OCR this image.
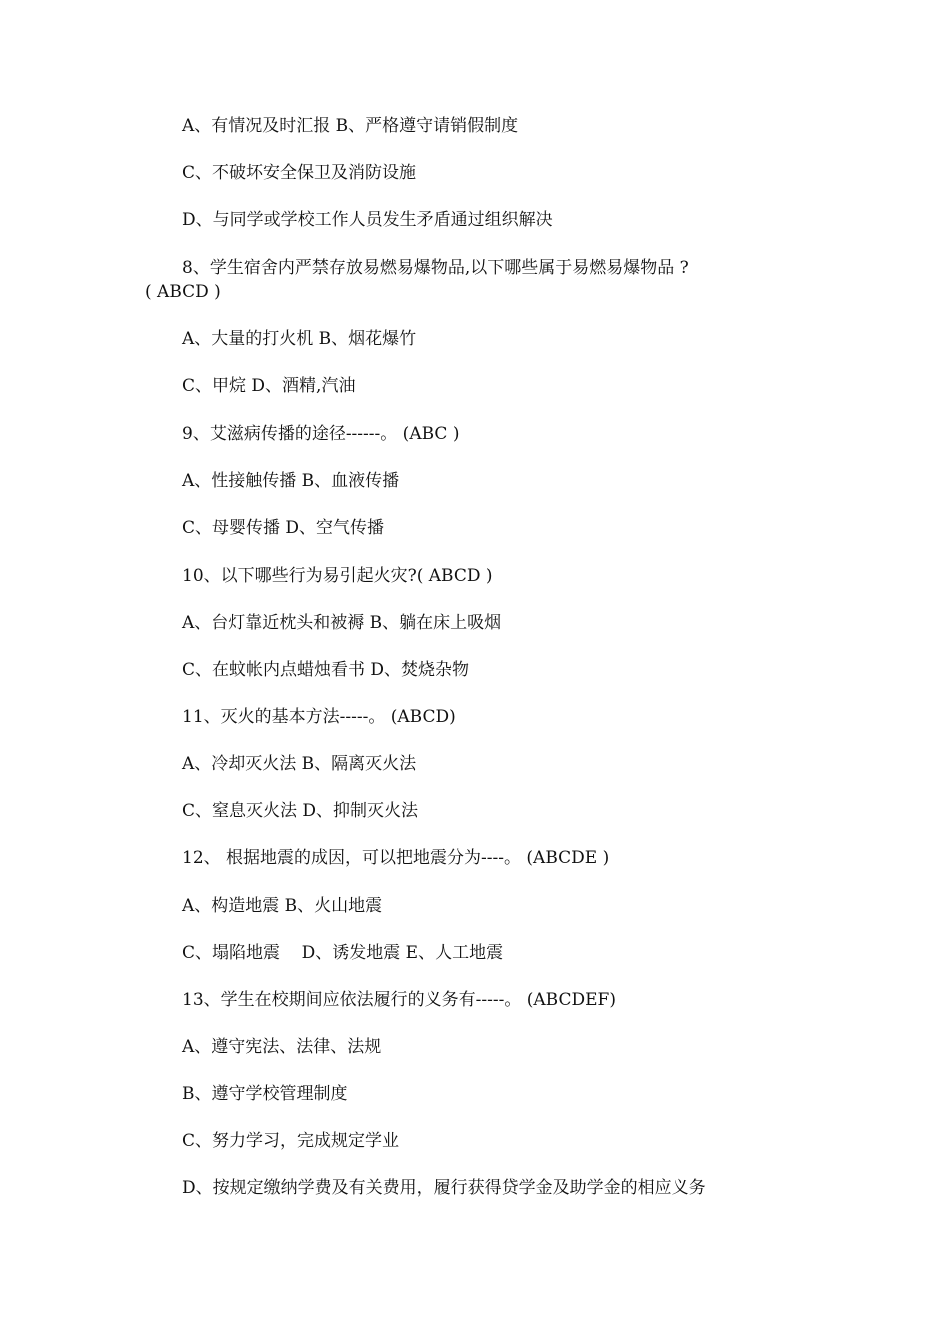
A、有情况及时汇报 B、严格遵守请销假制度
C、不破坏安全保卫及消防设施
D、与同学或学校工作人员发生矛盾通过组织解决
8、学生宿舍内严禁存放易燃易爆物品,以下哪些属于易燃易爆物品 ?
( ABCD )
A、大量的打火机 B、烟花爆竹
C、甲烷 D、酒精,汽油
9、艾滋病传播的途径------。 (ABC )
A、性接触传播 B、血液传播
C、母婴传播 D、空气传播
10、以下哪些行为易引起火灾?( ABCD )
A、台灯靠近枕头和被褥 B、躺在床上吸烟
C、在蚊帐内点蜡烛看书 D、焚烧杂物
11、灭火的基本方法-----。 (ABCD)
A、冷却灭火法 B、隔离灭火法
C、窒息灭火法 D、抑制灭火法
12、 根据地震的成因，可以把地震分为----。 (ABCDE )
A、构造地震 B、火山地震
C、塌陷地震    D、诱发地震 E、人工地震
13、学生在校期间应依法履行的义务有-----。 (ABCDEF)
A、遵守宪法、法律、法规
B、遵守学校管理制度
C、努力学习，完成规定学业
D、按规定缴纳学费及有关费用，履行获得贷学金及助学金的相应义务
